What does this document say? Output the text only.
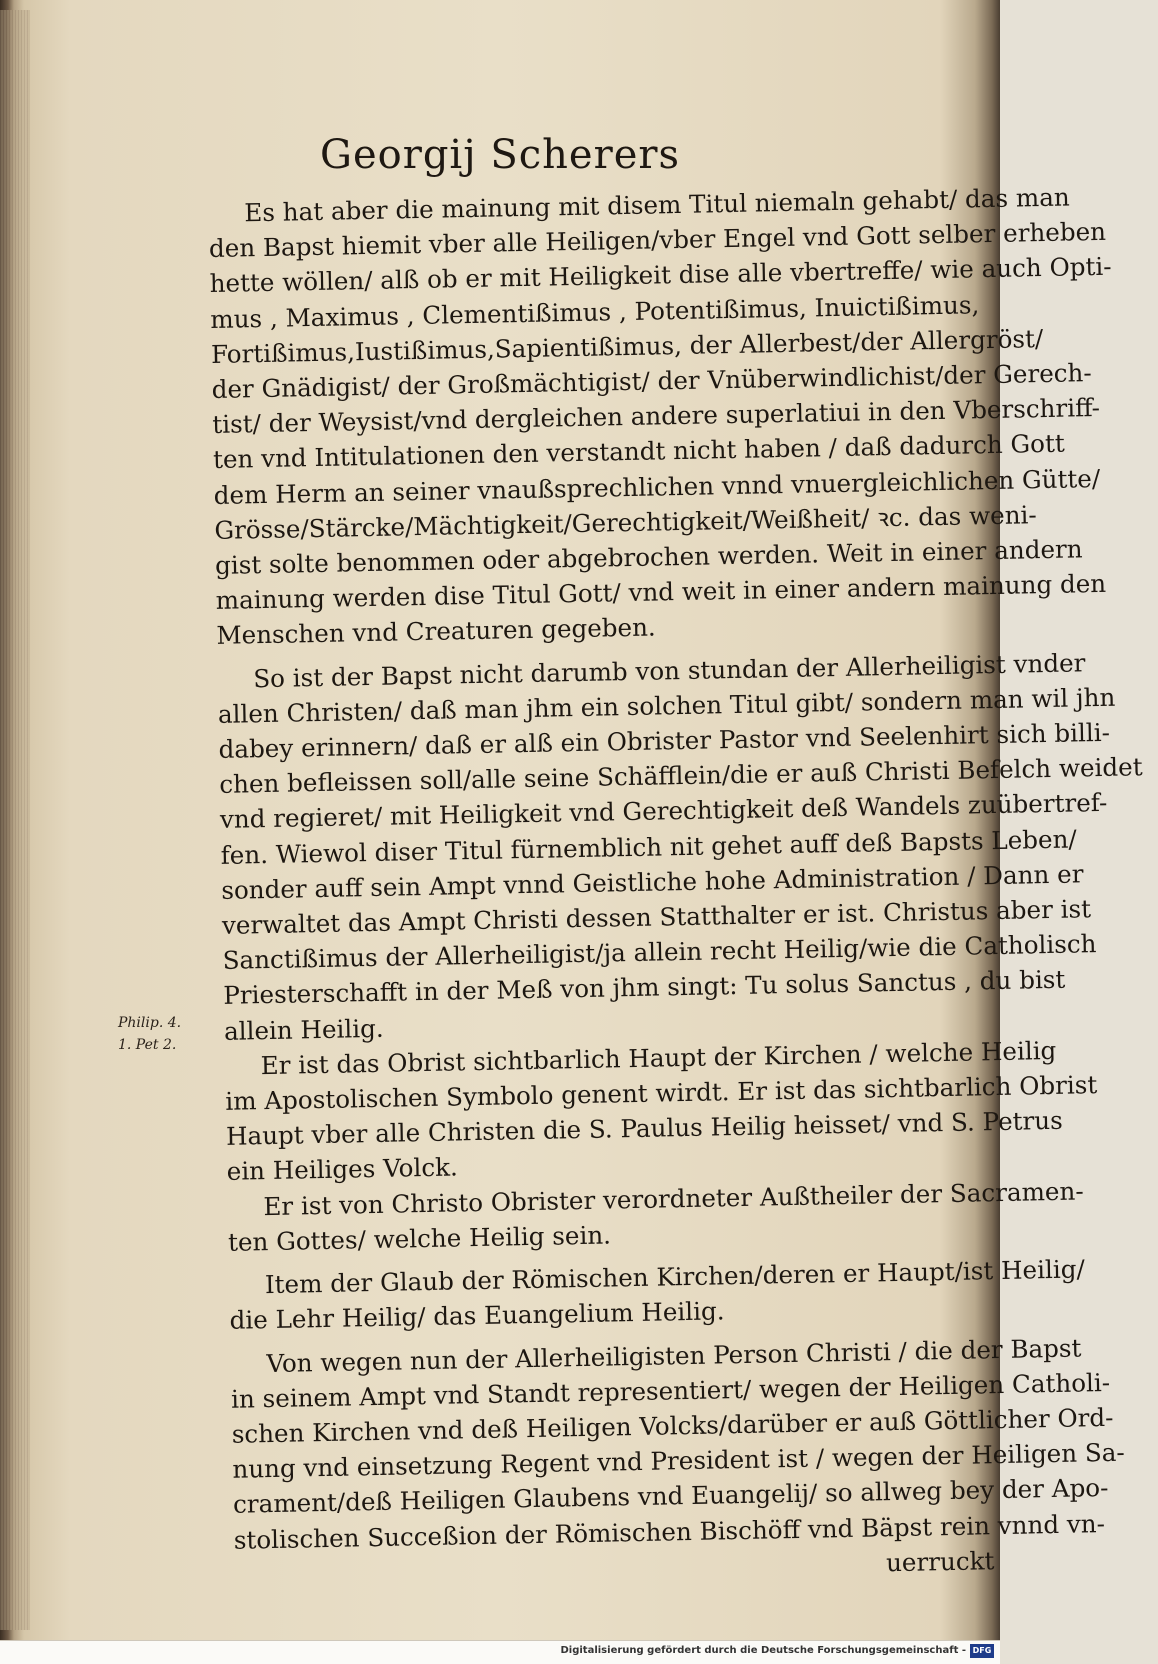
Georgij Scherers
Es hat aber die mainung mit disem Titul niemaln gehabt/ das man
den Bapst hiemit vber alle Heiligen/vber Engel vnd Gott selber erheben
hette wöllen/ alß ob er mit Heiligkeit dise alle vbertreffe/ wie auch Opti-
mus , Maximus , Clementißimus , Potentißimus, Inuictißimus,
Fortißimus,Iustißimus,Sapientißimus, der Allerbest/der Allergröst/
der Gnädigist/ der Großmächtigist/ der Vnüberwindlichist/der Gerech-
tist/ der Weysist/vnd dergleichen andere superlatiui in den Vberschriff-
ten vnd Intitulationen den verstandt nicht haben / daß dadurch Gott
dem Herm an seiner vnaußsprechlichen vnnd vnuergleichlichen Gütte/
Grösse/Stärcke/Mächtigkeit/Gerechtigkeit/Weißheit/ ꝛc. das weni-
gist solte benommen oder abgebrochen werden. Weit in einer andern
mainung werden dise Titul Gott/ vnd weit in einer andern mainung den
Menschen vnd Creaturen gegeben.
So ist der Bapst nicht darumb von stundan der Allerheiligist vnder
allen Christen/ daß man jhm ein solchen Titul gibt/ sondern man wil jhn
dabey erinnern/ daß er alß ein Obrister Pastor vnd Seelenhirt sich billi-
chen befleissen soll/alle seine Schäfflein/die er auß Christi Befelch weidet
vnd regieret/ mit Heiligkeit vnd Gerechtigkeit deß Wandels zuübertref-
fen. Wiewol diser Titul fürnemblich nit gehet auff deß Bapsts Leben/
sonder auff sein Ampt vnnd Geistliche hohe Administration / Dann er
verwaltet das Ampt Christi dessen Statthalter er ist. Christus aber ist
Sanctißimus der Allerheiligist/ja allein recht Heilig/wie die Catholisch
Priesterschafft in der Meß von jhm singt: Tu solus Sanctus , du bist
allein Heilig.
Er ist das Obrist sichtbarlich Haupt der Kirchen / welche Heilig
im Apostolischen Symbolo genent wirdt. Er ist das sichtbarlich Obrist
Haupt vber alle Christen die S. Paulus Heilig heisset/ vnd S. Petrus
ein Heiliges Volck.
Er ist von Christo Obrister verordneter Außtheiler der Sacramen-
ten Gottes/ welche Heilig sein.
Item der Glaub der Römischen Kirchen/deren er Haupt/ist Heilig/
die Lehr Heilig/ das Euangelium Heilig.
Von wegen nun der Allerheiligisten Person Christi / die der Bapst
in seinem Ampt vnd Standt representiert/ wegen der Heiligen Catholi-
schen Kirchen vnd deß Heiligen Volcks/darüber er auß Göttlicher Ord-
nung vnd einsetzung Regent vnd President ist / wegen der Heiligen Sa-
crament/deß Heiligen Glaubens vnd Euangelij/ so allweg bey der Apo-
stolischen Succeßion der Römischen Bischöff vnd Bäpst rein vnnd vn-
uerruckt
Philip. 4.
1. Pet 2.
Digitalisierung gefördert durch die Deutsche Forschungsgemeinschaft - DFG
